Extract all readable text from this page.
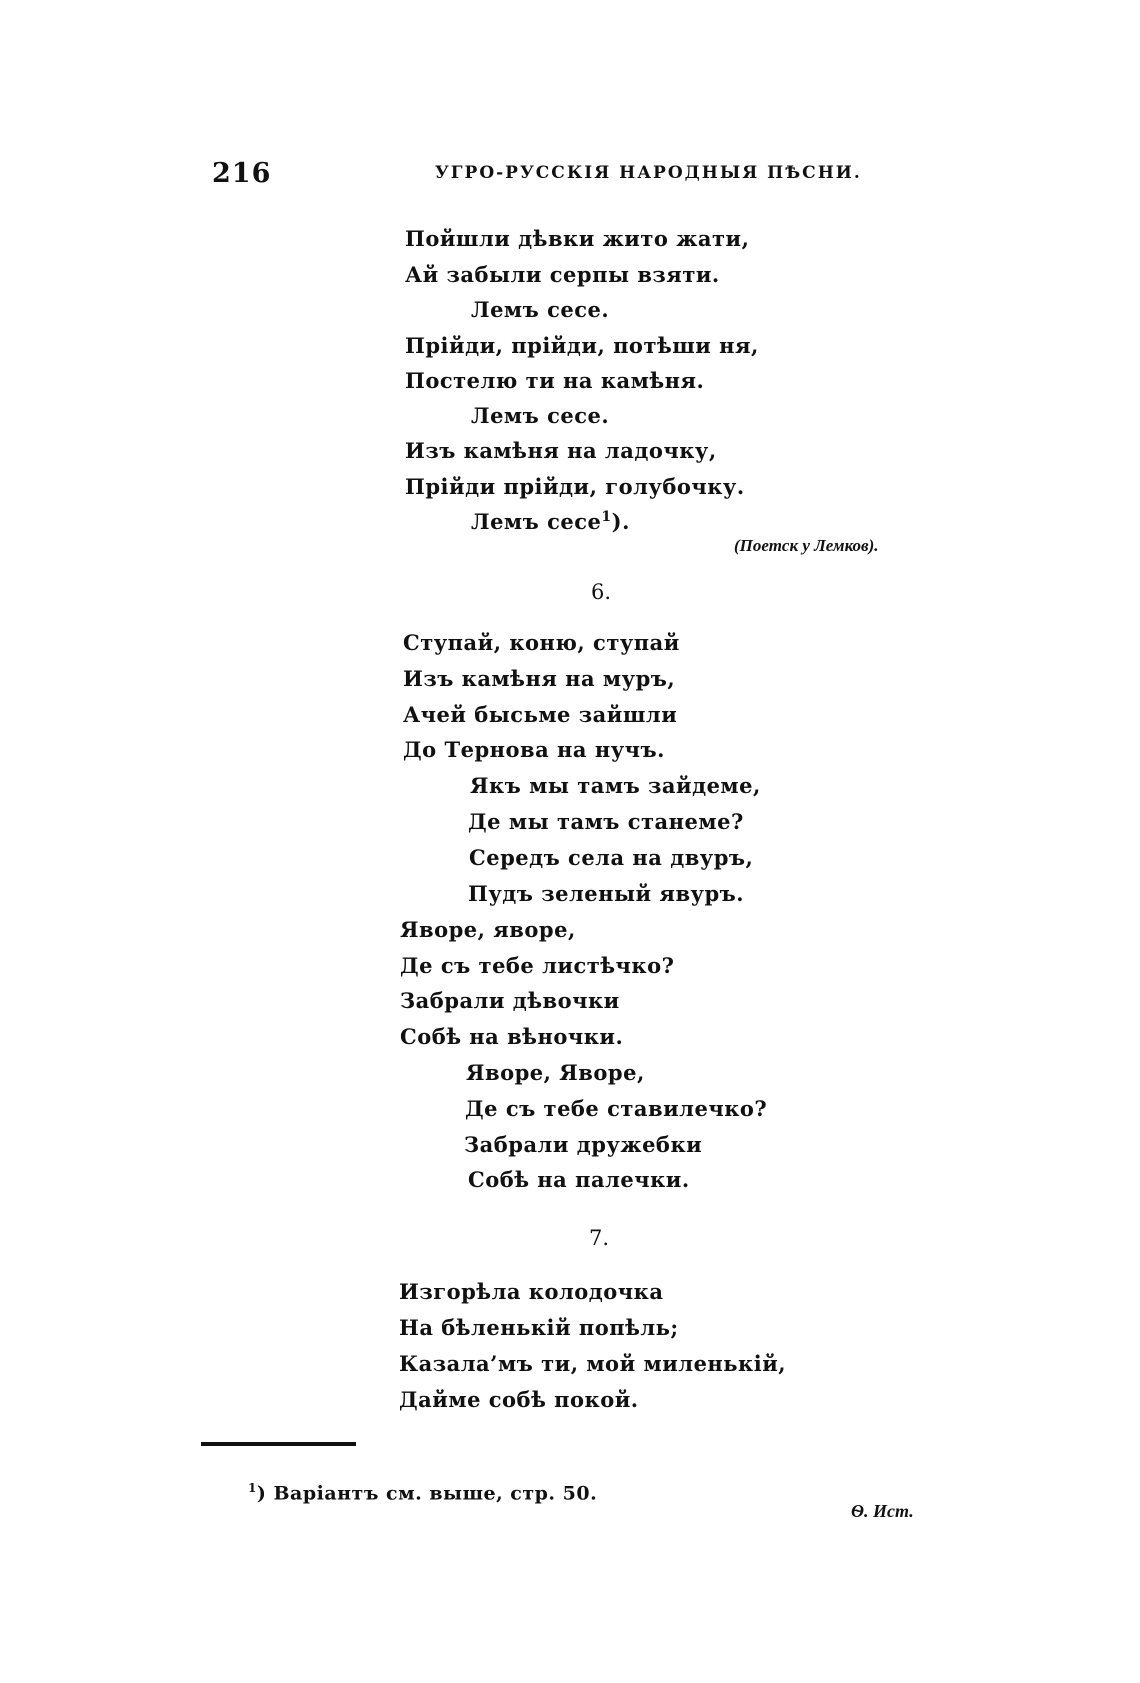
216	УГРО-РУССКІЯ НАРОДНЫЯ ПѢСНИ.
Пойшли дѣвки жито жати,
Ай забыли серпы взяти.
Лемъ сесе.
Прійди, прійди, потѣши ня,
Постелю ти на камѣня.
Лемъ сесе.
Изъ камѣня на ладочку,
Прійди прійди, голубочку.
Лемъ сесе$^1$).
(Поетск у Лемков).
6.
Ступай, коню, ступай
Изъ камѣня на муръ,
Ачей бысьме зайшли
До Тернова на нучъ.
Якъ мы тамъ зайдеме,
Де мы тамъ станеме?
Середъ села на двуръ,
Пудъ зеленый явуръ.
Яворе, яворе,
Де съ тебе листѣчко?
Забрали дѣвочки
Собѣ на вѣночки.
Яворе, Яворе,
Де съ тебе ставилечко?
Забрали дружебки
Собѣ на палечки.
7.
Изгорѣла колодочка
На бѣленькій попѣль;
Казала’мъ ти, мой миленькій,
Дайме собѣ покой.
$^1$) Варіантъ см. выше, стр. 50.
Ѳ. Ист.
